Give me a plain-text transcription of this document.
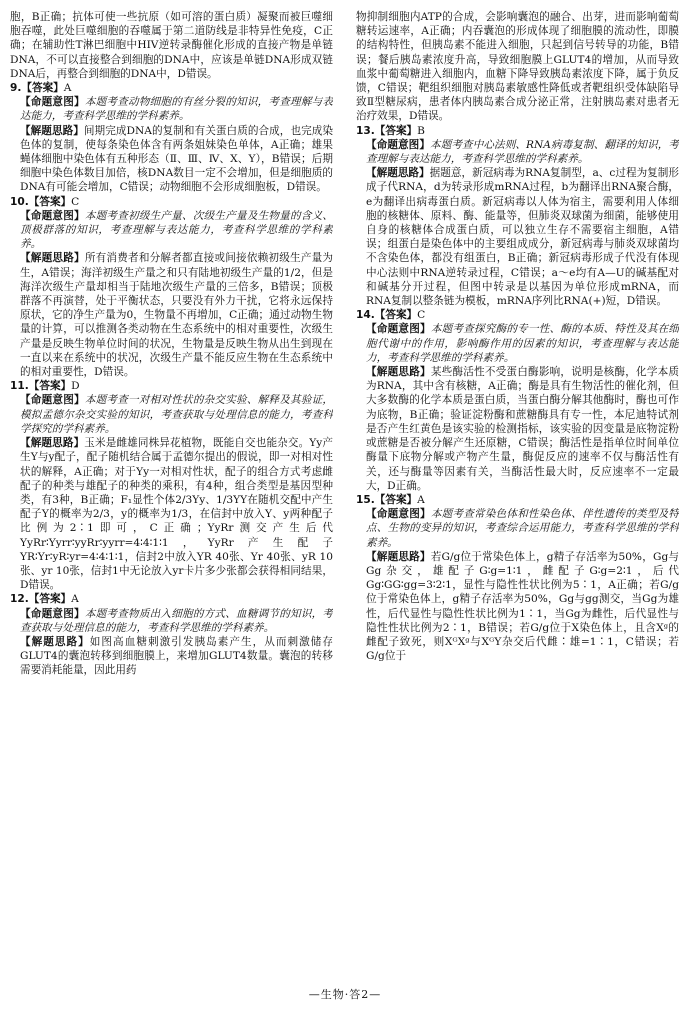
胞，B正确；抗体可使一些抗原（如可溶的蛋白质）凝聚而被巨噬细胞吞噬，此处巨噬细胞的吞噬属于第二道防线是非特异性免疫，C正确；在辅助性T淋巴细胞中HIV逆转录酶催化形成的直接产物是单链DNA，不可以直接整合到细胞的DNA中，应该是单链DNA形成双链DNA后，再整合到细胞的DNA中，D错误。

9.【答案】A
【命题意图】本题考查动物细胞的有丝分裂的知识，考查理解与表达能力，考查科学思维的学科素养。
【解题思路】间期完成DNA的复制和有关蛋白质的合成，也完成染色体的复制，使每条染色体含有两条姐妹染色单体，A正确；雄果蝇体细胞中染色体有五种形态（Ⅱ、Ⅲ、Ⅳ、X、Y），B错误；后期细胞中染色体数目加倍，核DNA数目一定不会增加，但是细胞质的DNA有可能会增加，C错误；动物细胞不会形成细胞板，D错误。
10.【答案】C
【命题意图】本题考查初级生产量、次级生产量及生物量的含义、顶极群落的知识，考查理解与表达能力，考查科学思维的学科素养。
【解题思路】所有消费者和分解者都直接或间接依赖初级生产量为生，A错误；海洋初级生产量之和只有陆地初级生产量的1/2，但是海洋次级生产量却相当于陆地次级生产量的三倍多，B错误；顶极群落不再演替，处于平衡状态，只要没有外力干扰，它将永远保持原状，它的净生产量为0，生物量不再增加，C正确；通过动物生物量的计算，可以推测各类动物在生态系统中的相对重要性，次级生产量是反映生物单位时间的状况，生物量是反映生物从出生到现在一直以来在系统中的状况，次级生产量不能反应生物在生态系统中的相对重要性，D错误。
11.【答案】D
【命题意图】本题考查一对相对性状的杂交实验、解释及其验证，模拟孟德尔杂交实验的知识，考查获取与处理信息的能力，考查科学探究的学科素养。
【解题思路】玉米是雌雄同株异花植物，既能自交也能杂交。Yy产生Y与y配子，配子随机结合属于孟德尔提出的假说，即一对相对性状的解释，A正确；对于Yy一对相对性状，配子的组合方式考虑雌配子的种类与雄配子的种类的乘积，有4种，组合类型是基因型种类，有3种，B正确；F₁显性个体2/3Yy、1/3YY在随机交配中产生配子Y的概率为2/3，y的概率为1/3，在信封中放入Y、y两种配子比例为2∶1即可，C正确；YyRr测交产生后代YyRr∶Yyrr∶yyRr∶yyrr=4∶4∶1∶1，YyRr产生配子YR∶Yr∶yR∶yr=4∶4∶1∶1，信封2中放入YR 40张、Yr 40张、yR 10张、yr 10张，信封1中无论放入yr卡片多少张都会获得相同结果，D错误。
12.【答案】A
【命题意图】本题考查物质出入细胞的方式、血糖调节的知识，考查获取与处理信息的能力，考查科学思维的学科素养。
【解题思路】如图高血糖刺激引发胰岛素产生，从而刺激储存GLUT4的囊泡转移到细胞膜上，来增加GLUT4数量。囊泡的转移需要消耗能量，因此用药

物抑制细胞内ATP的合成，会影响囊泡的融合、出芽，进而影响葡萄糖转运速率，A正确；内吞囊泡的形成体现了细胞膜的流动性，即膜的结构特性，但胰岛素不能进入细胞，只起到信号转导的功能，B错误；餐后胰岛素浓度升高，导致细胞膜上GLUT4的增加，从而导致血浆中葡萄糖进入细胞内，血糖下降导致胰岛素浓度下降，属于负反馈，C错误；靶组织细胞对胰岛素敏感性降低或者靶组织受体缺陷导致Ⅱ型糖尿病，患者体内胰岛素合成分泌正常，注射胰岛素对患者无治疗效果，D错误。

13.【答案】B
【命题意图】本题考查中心法则、RNA病毒复制、翻译的知识，考查理解与表达能力，考查科学思维的学科素养。
【解题思路】据题意，新冠病毒为RNA复制型，a、c过程为复制形成子代RNA，d为转录形成mRNA过程，b为翻译出RNA聚合酶，e为翻译出病毒蛋白质。新冠病毒以人体为宿主，需要利用人体细胞的核糖体、原料、酶、能量等，但肺炎双球菌为细菌，能够使用自身的核糖体合成蛋白质，可以独立生存不需要宿主细胞，A错误；组蛋白是染色体中的主要组成成分，新冠病毒与肺炎双球菌均不含染色体，都没有组蛋白，B正确；新冠病毒形成子代没有体现中心法则中RNA逆转录过程，C错误；a～e均有A—U的碱基配对和碱基分开过程，但图中转录是以基因为单位形成mRNA，而RNA复制以整条链为模板，mRNA序列比RNA(+)短，D错误。
14.【答案】C
【命题意图】本题考查探究酶的专一性、酶的本质、特性及其在细胞代谢中的作用，影响酶作用的因素的知识，考查理解与表达能力，考查科学思维的学科素养。
【解题思路】某些酶活性不受蛋白酶影响，说明是核酶，化学本质为RNA，其中含有核糖，A正确；酶是具有生物活性的催化剂，但大多数酶的化学本质是蛋白质，当蛋白酶分解其他酶时，酶也可作为底物，B正确；验证淀粉酶和蔗糖酶具有专一性，本尼迪特试剂是否产生红黄色是该实验的检测指标，该实验的因变量是底物淀粉或蔗糖是否被分解产生还原糖，C错误；酶活性是指单位时间单位酶量下底物分解或产物产生量，酶促反应的速率不仅与酶活性有关，还与酶量等因素有关，当酶活性最大时，反应速率不一定最大，D正确。
15.【答案】A
【命题意图】本题考查常染色体和性染色体、伴性遗传的类型及特点、生物的变异的知识，考查综合运用能力，考查科学思维的学科素养。
【解题思路】若G/g位于常染色体上，g精子存活率为50%，Gg与Gg杂交，雄配子G∶g=1∶1，雌配子G∶g=2∶1，后代Gg∶GG∶gg=3∶2∶1，显性与隐性性状比例为5∶1，A正确；若G/g位于常染色体上，g精子存活率为50%，Gg与gg测交，当Gg为雄性，后代显性与隐性性状比例为1∶1，当Gg为雌性，后代显性与隐性性状比例为2∶1，B错误；若G/g位于X染色体上，且含Xᵍ的雌配子致死，则XᴳXᵍ与XᴳY杂交后代雌∶雄=1∶1，C错误；若G/g位于
—生物·答2—
